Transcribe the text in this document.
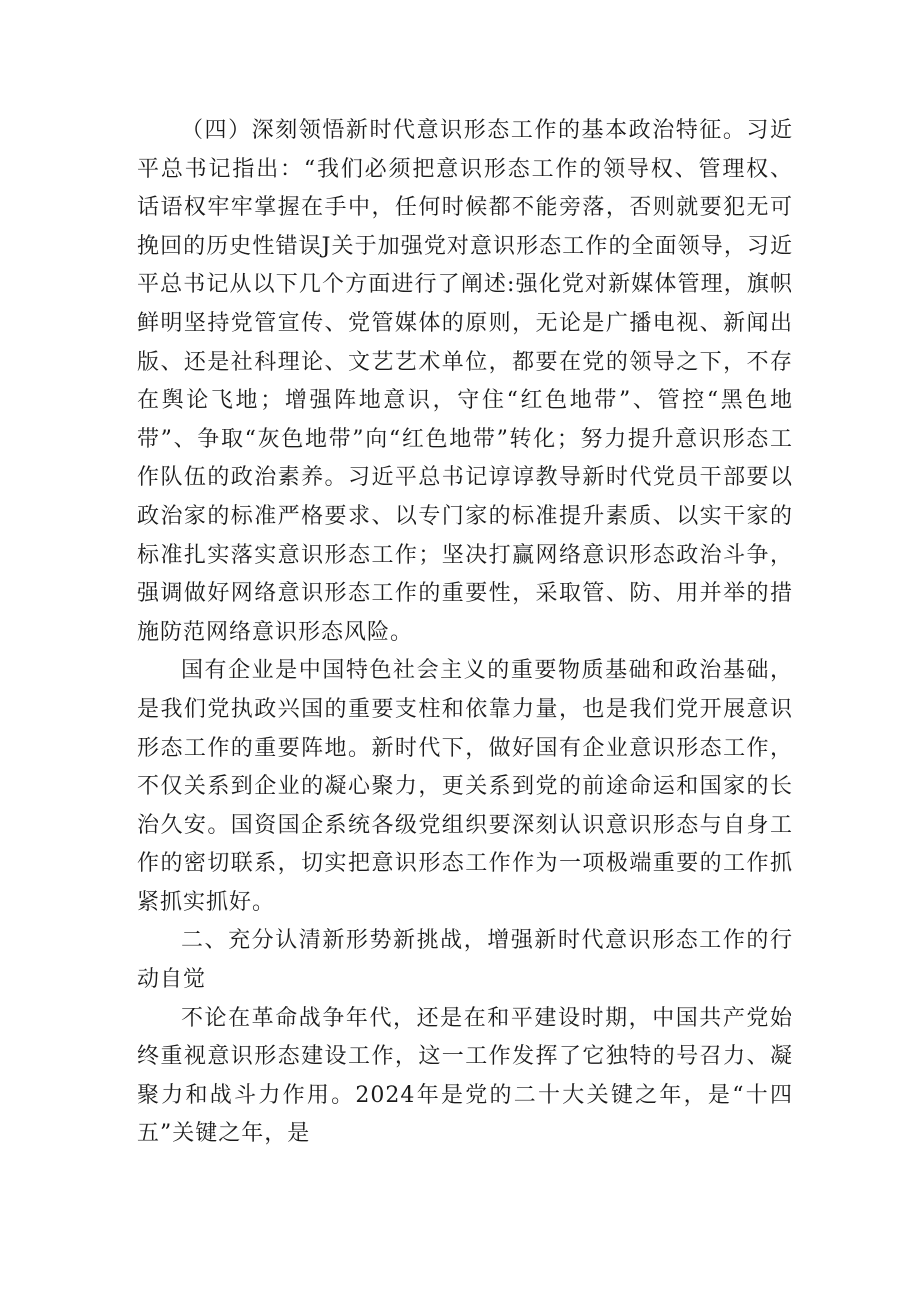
（四）深刻领悟新时代意识形态工作的基本政治特征。习近平总书记指出：“我们必须把意识形态工作的领导权、管理权、话语权牢牢掌握在手中，任何时候都不能旁落，否则就要犯无可挽回的历史性错误J关于加强党对意识形态工作的全面领导，习近平总书记从以下几个方面进行了阐述:强化党对新媒体管理，旗帜鲜明坚持党管宣传、党管媒体的原则，无论是广播电视、新闻出版、还是社科理论、文艺艺术单位，都要在党的领导之下，不存在舆论飞地；增强阵地意识，守住“红色地带”、管控“黑色地带”、争取“灰色地带”向“红色地带”转化；努力提升意识形态工作队伍的政治素养。习近平总书记谆谆教导新时代党员干部要以政治家的标准严格要求、以专门家的标准提升素质、以实干家的标准扎实落实意识形态工作；坚决打赢网络意识形态政治斗争，强调做好网络意识形态工作的重要性，采取管、防、用并举的措施防范网络意识形态风险。

国有企业是中国特色社会主义的重要物质基础和政治基础，是我们党执政兴国的重要支柱和依靠力量，也是我们党开展意识形态工作的重要阵地。新时代下，做好国有企业意识形态工作，不仅关系到企业的凝心聚力，更关系到党的前途命运和国家的长治久安。国资国企系统各级党组织要深刻认识意识形态与自身工作的密切联系，切实把意识形态工作作为一项极端重要的工作抓紧抓实抓好。

二、充分认清新形势新挑战，增强新时代意识形态工作的行动自觉

不论在革命战争年代，还是在和平建设时期，中国共产党始终重视意识形态建设工作，这一工作发挥了它独特的号召力、凝聚力和战斗力作用。2024年是党的二十大关键之年，是“十四五”关键之年，是
